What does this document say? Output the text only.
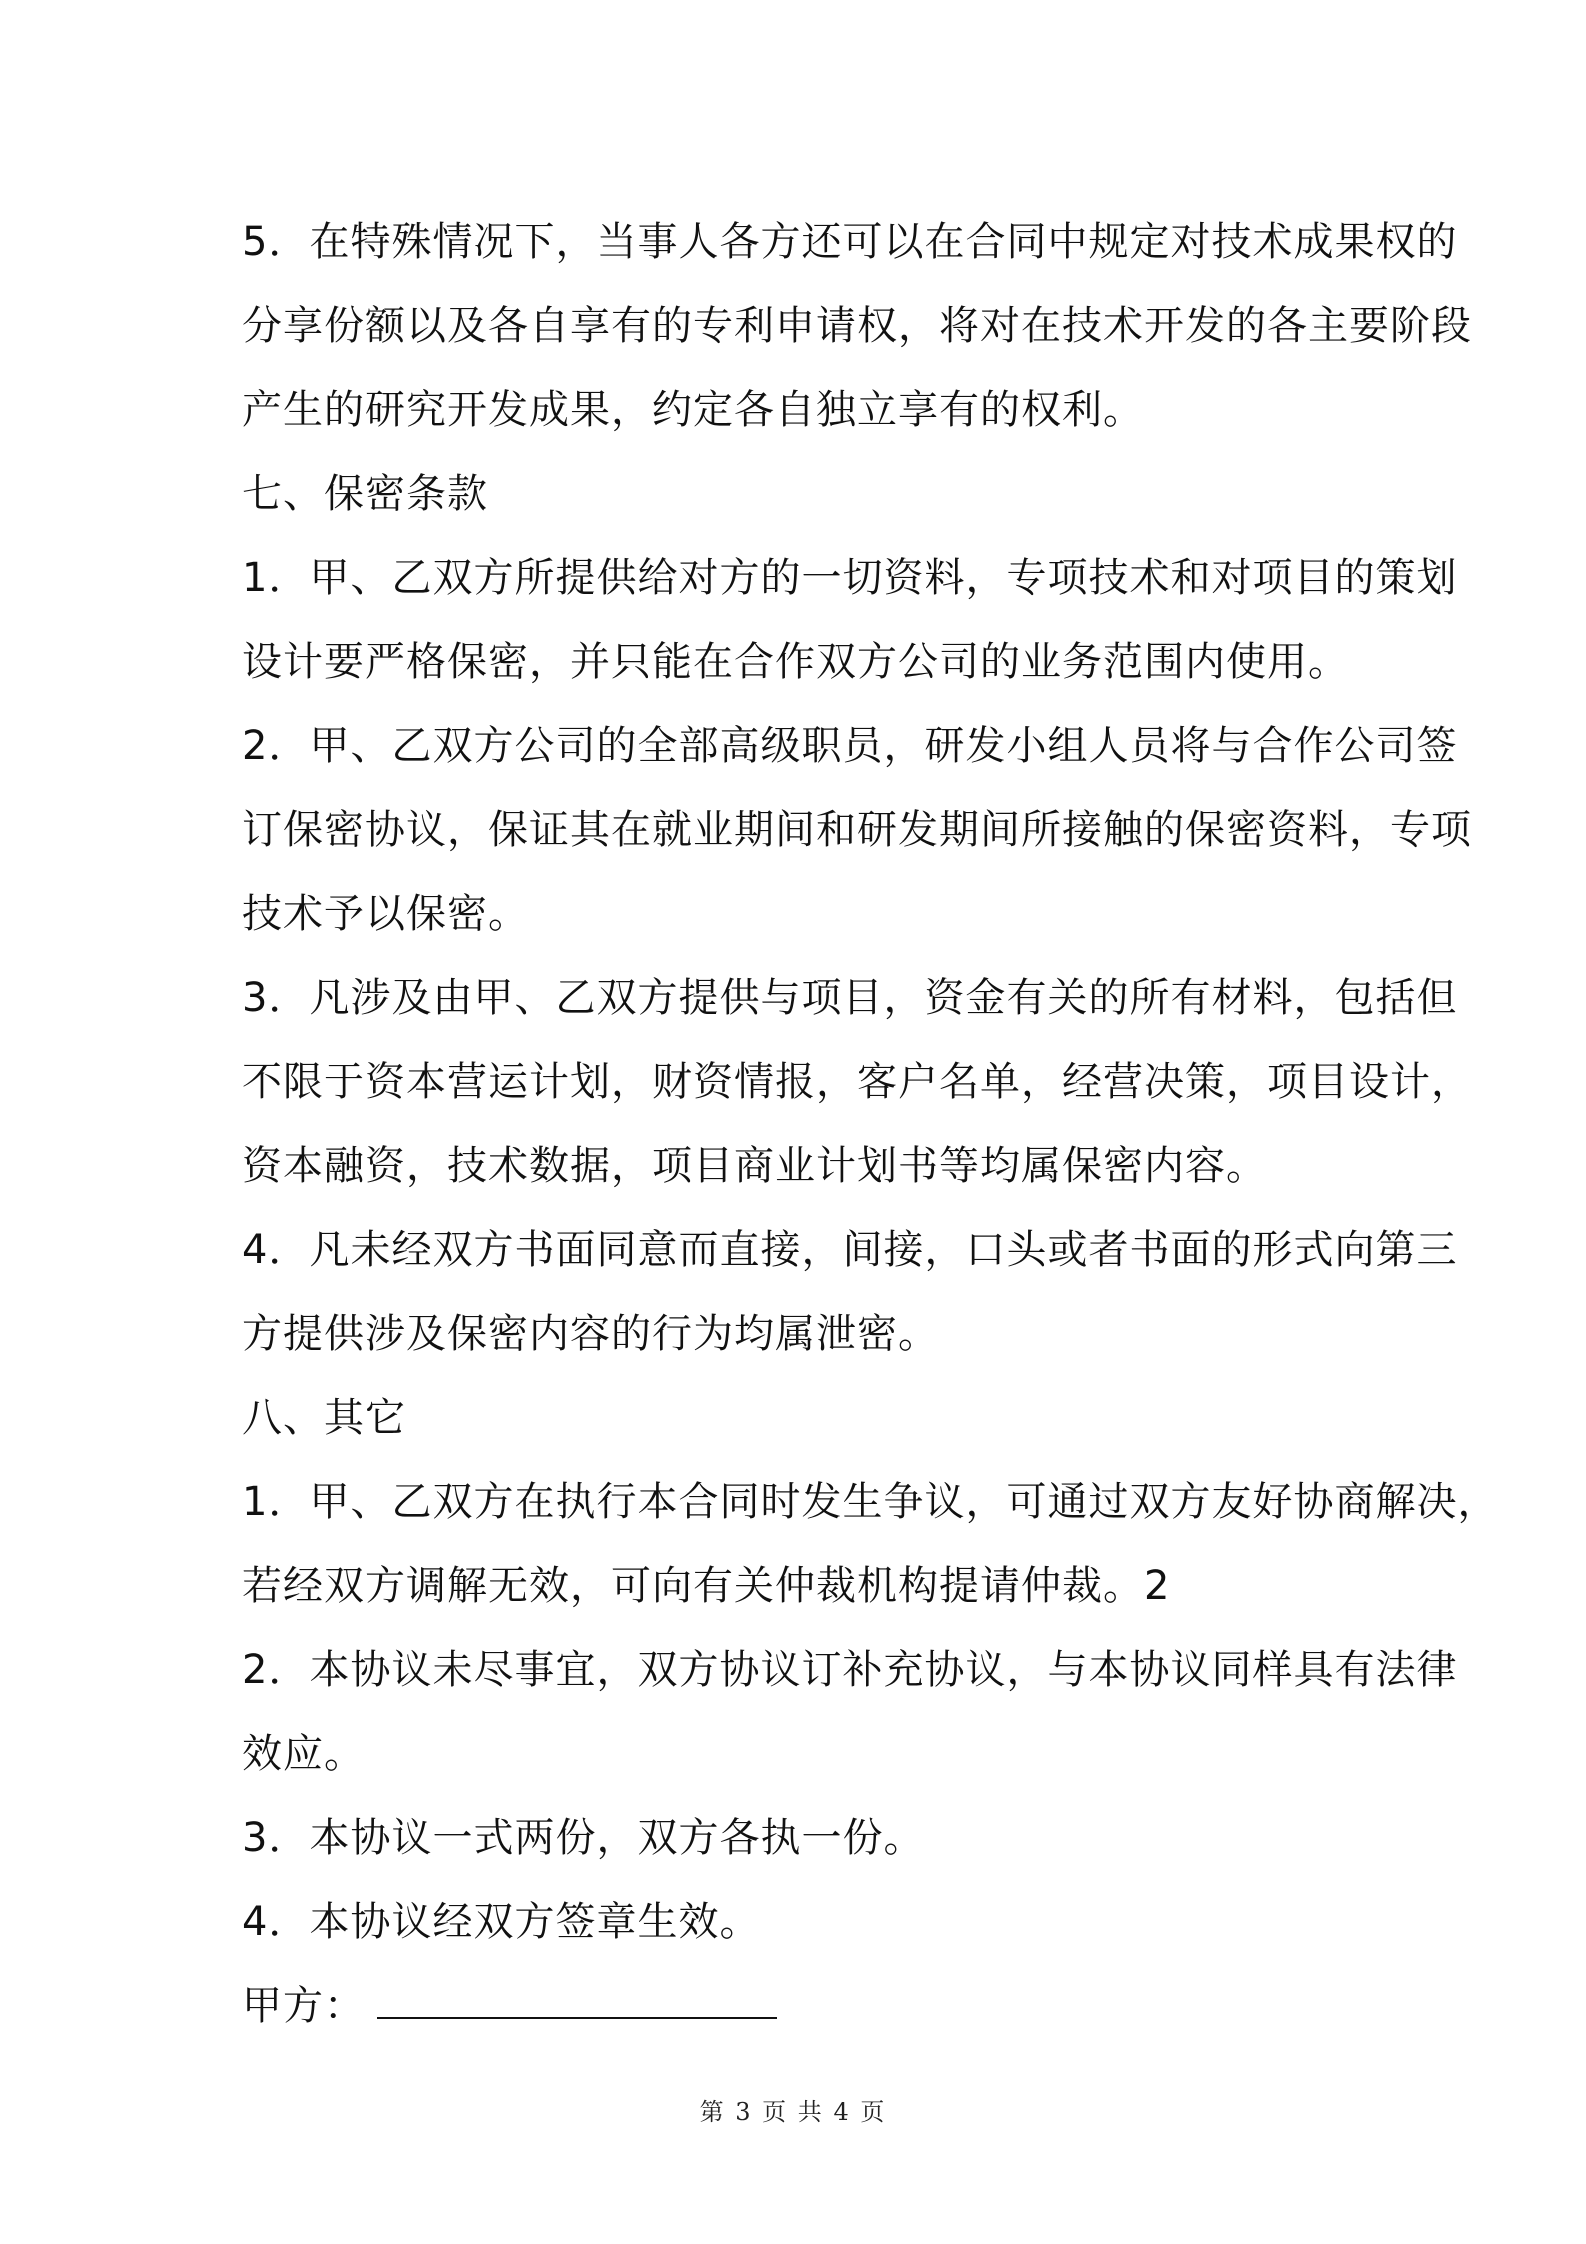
5．在特殊情况下，当事人各方还可以在合同中规定对技术成果权的
分享份额以及各自享有的专利申请权，将对在技术开发的各主要阶段
产生的研究开发成果，约定各自独立享有的权利。
七、保密条款
1．甲、乙双方所提供给对方的一切资料，专项技术和对项目的策划
设计要严格保密，并只能在合作双方公司的业务范围内使用。
2．甲、乙双方公司的全部高级职员，研发小组人员将与合作公司签
订保密协议，保证其在就业期间和研发期间所接触的保密资料，专项
技术予以保密。
3．凡涉及由甲、乙双方提供与项目，资金有关的所有材料，包括但
不限于资本营运计划，财资情报，客户名单，经营决策，项目设计，
资本融资，技术数据，项目商业计划书等均属保密内容。
4．凡未经双方书面同意而直接，间接，口头或者书面的形式向第三
方提供涉及保密内容的行为均属泄密。
八、其它
1．甲、乙双方在执行本合同时发生争议，可通过双方友好协商解决，
若经双方调解无效，可向有关仲裁机构提请仲裁。2
2．本协议未尽事宜，双方协议订补充协议，与本协议同样具有法律
效应。
3．本协议一式两份，双方各执一份。
4．本协议经双方签章生效。
甲方：
第 3 页 共 4 页
